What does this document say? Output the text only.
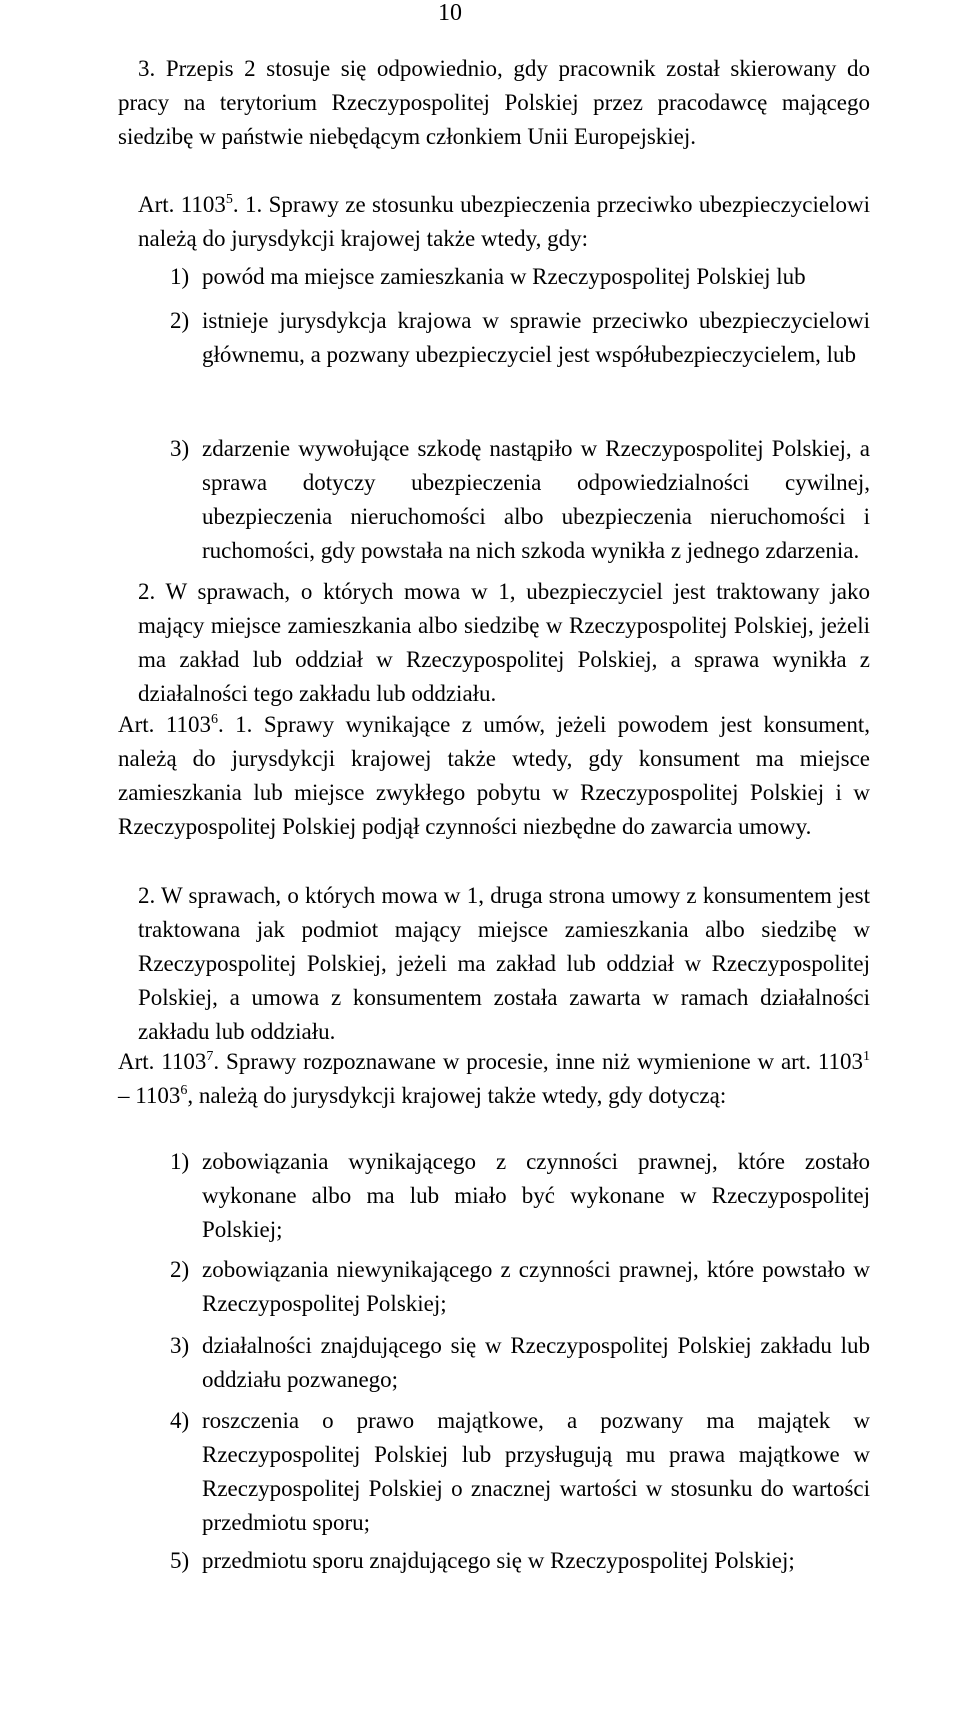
10
3. Przepis 2 stosuje się odpowiednio, gdy pracownik został skierowany do pracy na terytorium Rzeczypospolitej Polskiej przez pracodawcę mającego siedzibę w państwie niebędącym członkiem Unii Europejskiej.
Art. 1103$^5$. 1. Sprawy ze stosunku ubezpieczenia przeciwko ubezpieczycielowi należą do jurysdykcji krajowej także wtedy, gdy:
1) powód ma miejsce zamieszkania w Rzeczypospolitej Polskiej lub
2) istnieje jurysdykcja krajowa w sprawie przeciwko ubezpieczycielowi głównemu, a pozwany ubezpieczyciel jest współubezpieczycielem, lub
3) zdarzenie wywołujące szkodę nastąpiło w Rzeczypospolitej Polskiej, a sprawa dotyczy ubezpieczenia odpowiedzialności cywilnej, ubezpieczenia nieruchomości albo ubezpieczenia nieruchomości i ruchomości, gdy powstała na nich szkoda wynikła z jednego zdarzenia.
2. W sprawach, o których mowa w 1, ubezpieczyciel jest traktowany jako mający miejsce zamieszkania albo siedzibę w Rzeczypospolitej Polskiej, jeżeli ma zakład lub oddział w Rzeczypospolitej Polskiej, a sprawa wynikła z działalności tego zakładu lub oddziału.
Art. 1103$^6$. 1. Sprawy wynikające z umów, jeżeli powodem jest konsument, należą do jurysdykcji krajowej także wtedy, gdy konsument ma miejsce zamieszkania lub miejsce zwykłego pobytu w Rzeczypospolitej Polskiej i w Rzeczypospolitej Polskiej podjął czynności niezbędne do zawarcia umowy.
2. W sprawach, o których mowa w 1, druga strona umowy z konsumentem jest traktowana jak podmiot mający miejsce zamieszkania albo siedzibę w Rzeczypospolitej Polskiej, jeżeli ma zakład lub oddział w Rzeczypospolitej Polskiej, a umowa z konsumentem została zawarta w ramach działalności zakładu lub oddziału.
Art. 1103$^7$. Sprawy rozpoznawane w procesie, inne niż wymienione w art. 1103$^1$ – 1103$^6$, należą do jurysdykcji krajowej także wtedy, gdy dotyczą:
1) zobowiązania wynikającego z czynności prawnej, które zostało wykonane albo ma lub miało być wykonane w Rzeczypospolitej Polskiej;
2) zobowiązania niewynikającego z czynności prawnej, które powstało w Rzeczypospolitej Polskiej;
3) działalności znajdującego się w Rzeczypospolitej Polskiej zakładu lub oddziału pozwanego;
4) roszczenia o prawo majątkowe, a pozwany ma majątek w Rzeczypospolitej Polskiej lub przysługują mu prawa majątkowe w Rzeczypospolitej Polskiej o znacznej wartości w stosunku do wartości przedmiotu sporu;
5) przedmiotu sporu znajdującego się w Rzeczypospolitej Polskiej;
